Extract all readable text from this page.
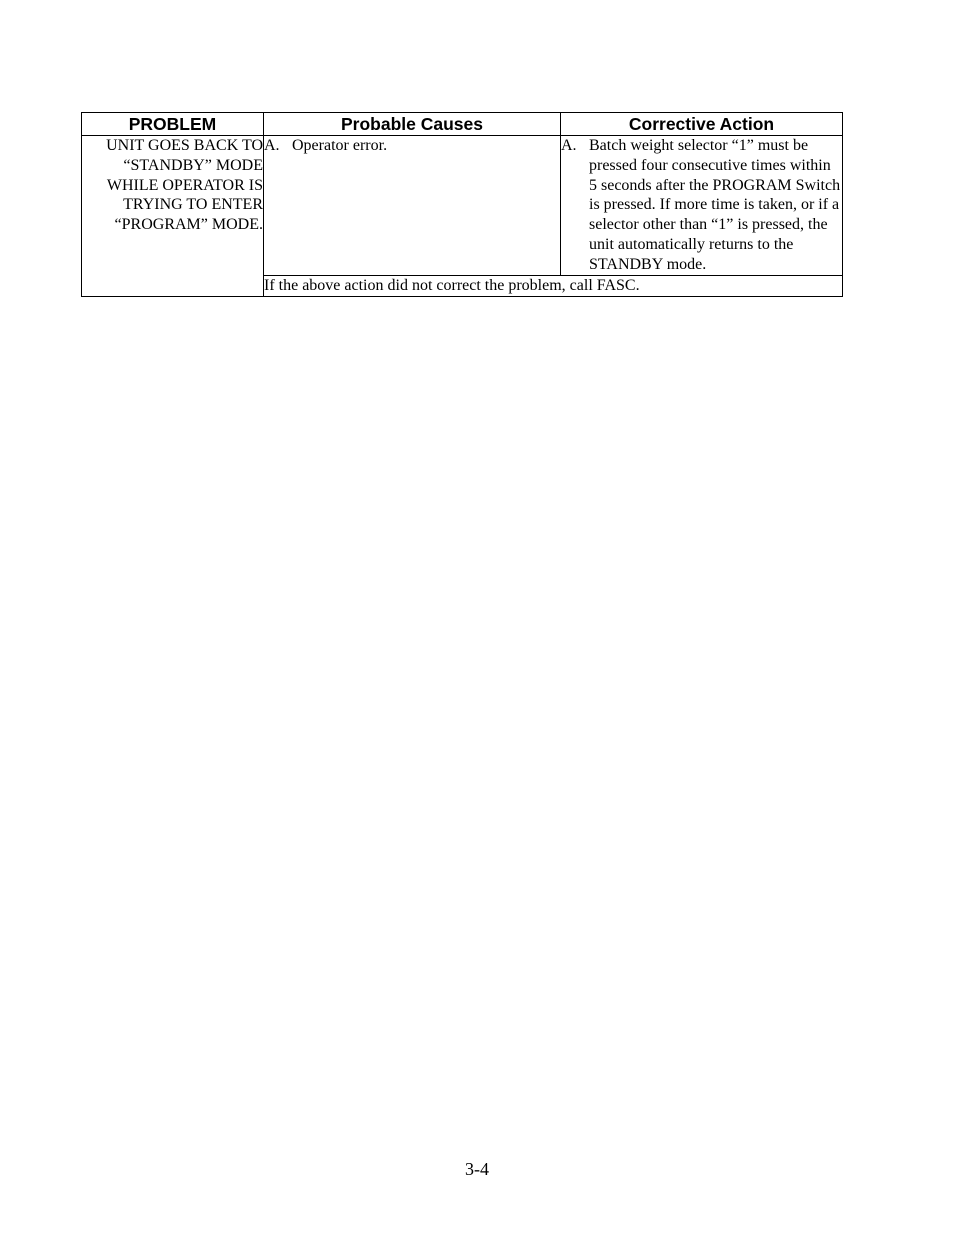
PROBLEM	Probable Causes	Corrective Action

UNIT GOES BACK TO “STANDBY” MODE WHILE OPERATOR IS TRYING TO ENTER “PROGRAM” MODE.	A. Operator error.	A. Batch weight selector “1” must be pressed four consecutive times within 5 seconds after the PROGRAM Switch is pressed. If more time is taken, or if a selector other than “1” is pressed, the unit automatically returns to the STANDBY mode.

	If the above action did not correct the problem, call FASC.	
3-4
